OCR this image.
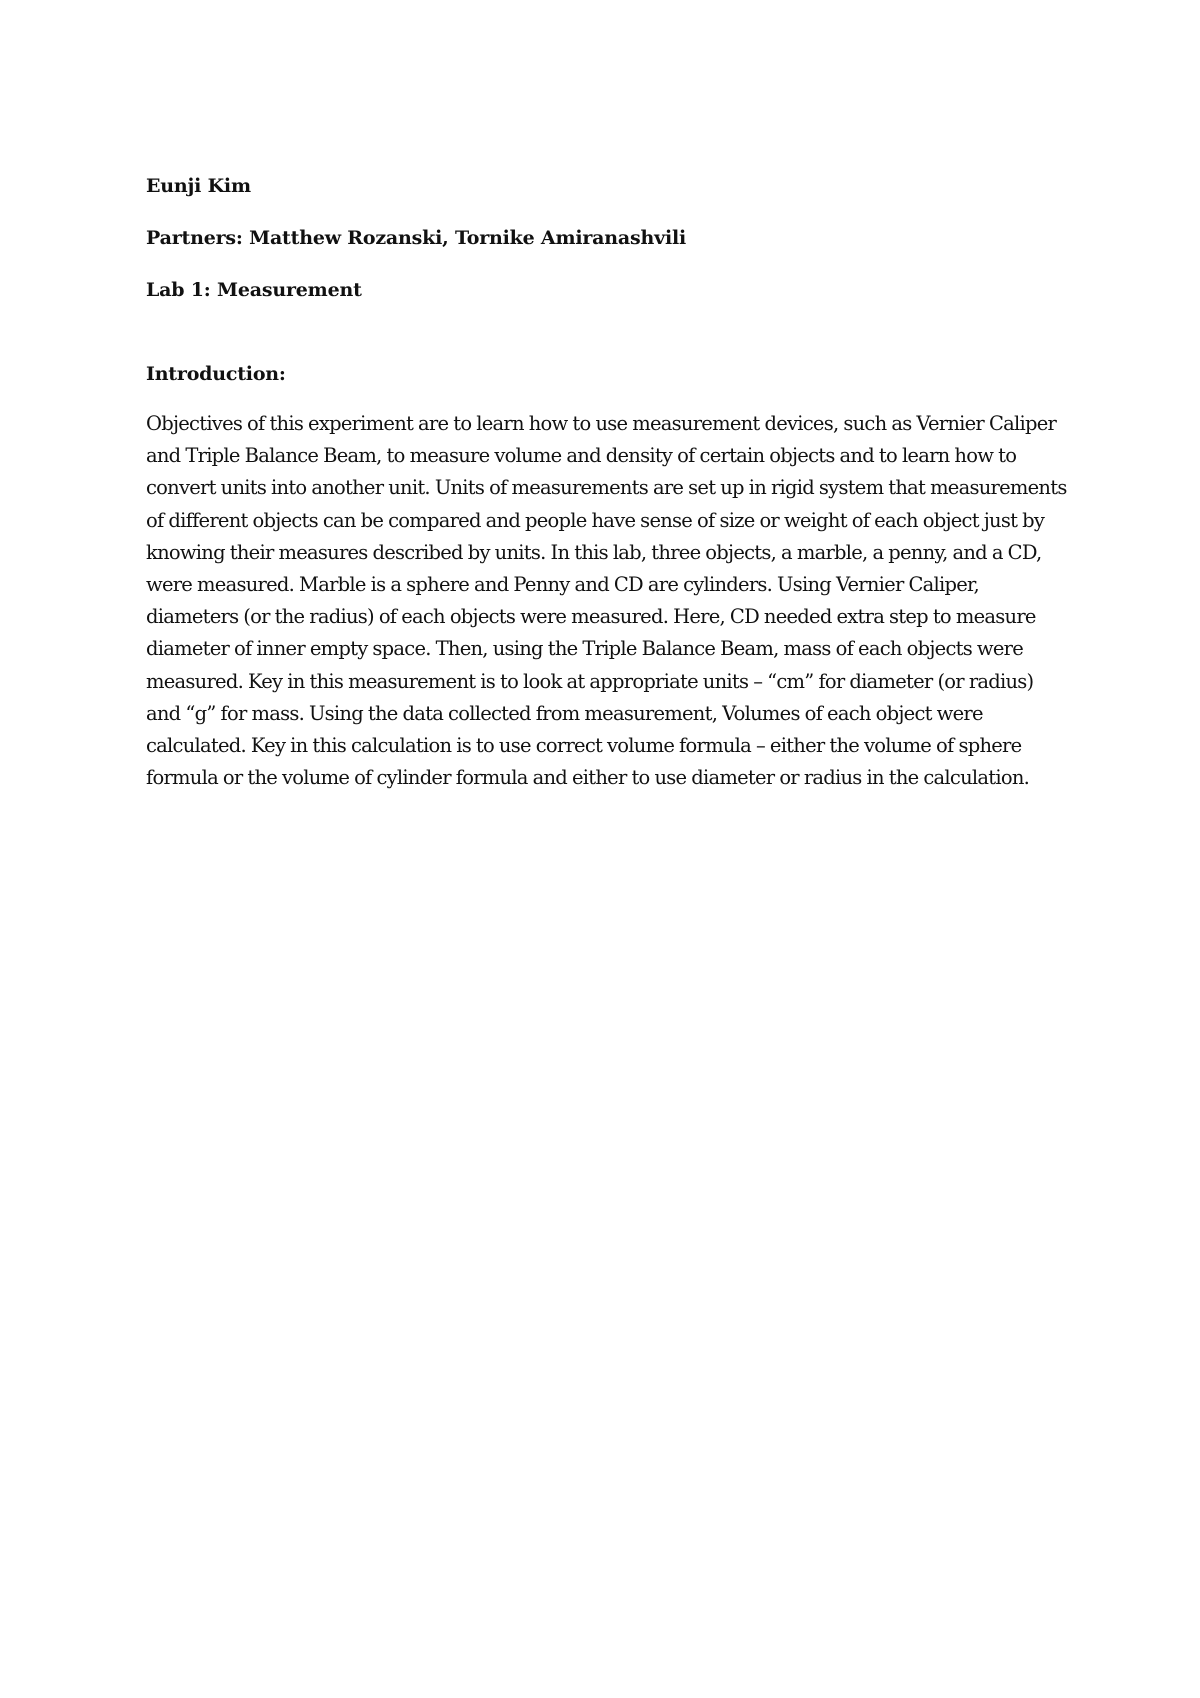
Eunji Kim

Partners: Matthew Rozanski, Tornike Amiranashvili

Lab 1: Measurement

Introduction:

Objectives of this experiment are to learn how to use measurement devices, such as Vernier Caliper and Triple Balance Beam, to measure volume and density of certain objects and to learn how to convert units into another unit. Units of measurements are set up in rigid system that measurements of different objects can be compared and people have sense of size or weight of each object just by knowing their measures described by units. In this lab, three objects, a marble, a penny, and a CD, were measured. Marble is a sphere and Penny and CD are cylinders. Using Vernier Caliper, diameters (or the radius) of each objects were measured. Here, CD needed extra step to measure diameter of inner empty space. Then, using the Triple Balance Beam, mass of each objects were measured. Key in this measurement is to look at appropriate units – “cm” for diameter (or radius) and “g” for mass. Using the data collected from measurement, Volumes of each object were calculated. Key in this calculation is to use correct volume formula – either the volume of sphere formula or the volume of cylinder formula and either to use diameter or radius in the calculation.
